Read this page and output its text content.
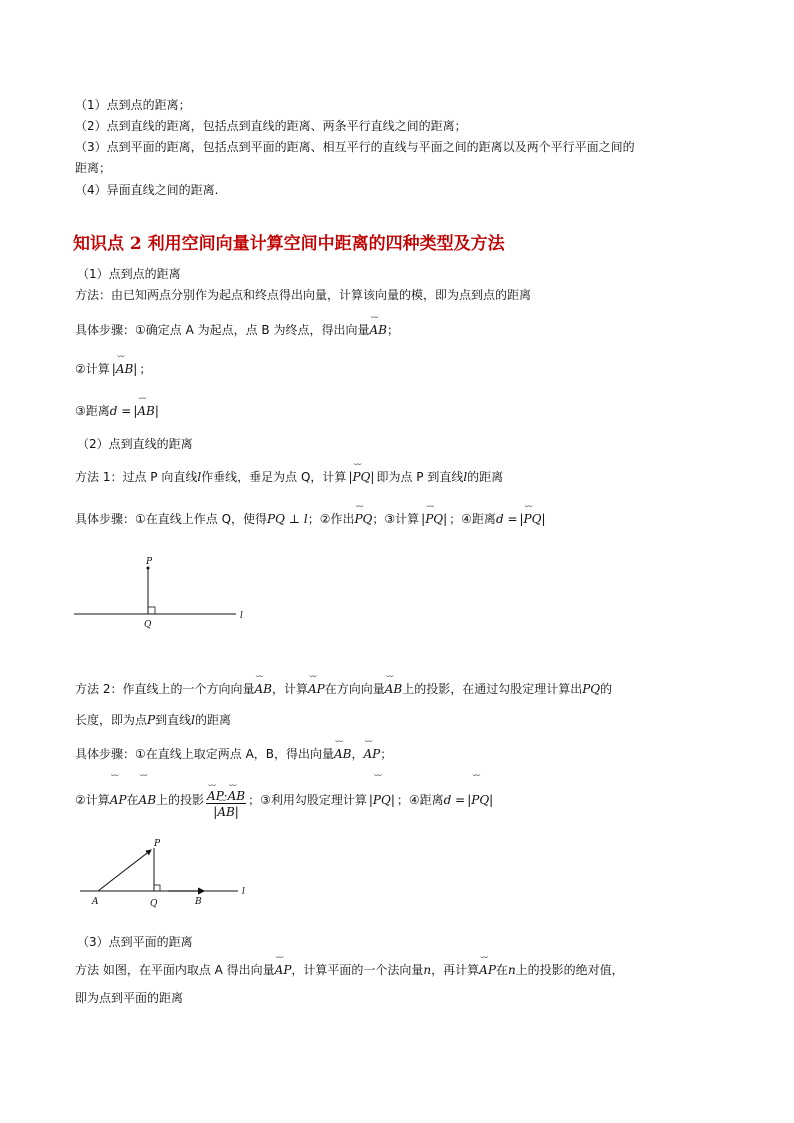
（1）点到点的距离；
（2）点到直线的距离，包括点到直线的距离、两条平行直线之间的距离；
（3）点到平面的距离，包括点到平面的距离、相互平行的直线与平面之间的距离以及两个平行平面之间的
距离；
（4）异面直线之间的距离.
知识点 2 利用空间向量计算空间中距离的四种类型及方法
（1）点到点的距离
方法：由已知两点分别作为起点和终点得出向量，计算该向量的模，即为点到点的距离
具体步骤：①确定点 A 为起点，点 B 为终点，得出向量⌣⌣ AB；
②计算 |⌣⌣ AB| ；
③距离d = |⌣⌣ AB|
（2）点到直线的距离
方法 1：过点 P 向直线l作垂线，垂足为点 Q，计算 |⌣⌣ PQ| 即为点 P 到直线l的距离
具体步骤：①在直线上作点 Q，使得PQ ⊥ l；②作出⌣⌣ PQ；③计算 |⌣⌣ PQ| ；④距离d = |⌣⌣ PQ|
P
Q
l
方法 2：作直线上的一个方向向量⌣⌣ AB，计算⌣⌣ AP在方向向量⌣⌣ AB上的投影，在通过勾股定理计算出PQ的
长度，即为点P到直线l的距离
具体步骤：①在直线上取定两点 A，B，得出向量⌣⌣ AB，⌣⌣ AP；
②计算⌣⌣ AP在⌣⌣ AB上的投影
⌣⌣ $\frac{AP\cdot⌣⌣ AB}{|⌣⌣ AB|}$ ；③利用勾股定理计算 |⌣⌣ PQ| ；④距离d = |⌣⌣ PQ|
A
P
Q	B
l
（3）点到平面的距离
方法 如图，在平面内取点 A 得出向量⌣⌣ AP，计算平面的一个法向量n，再计算⌣⌣ AP在n上的投影的绝对值，
即为点到平面的距离
